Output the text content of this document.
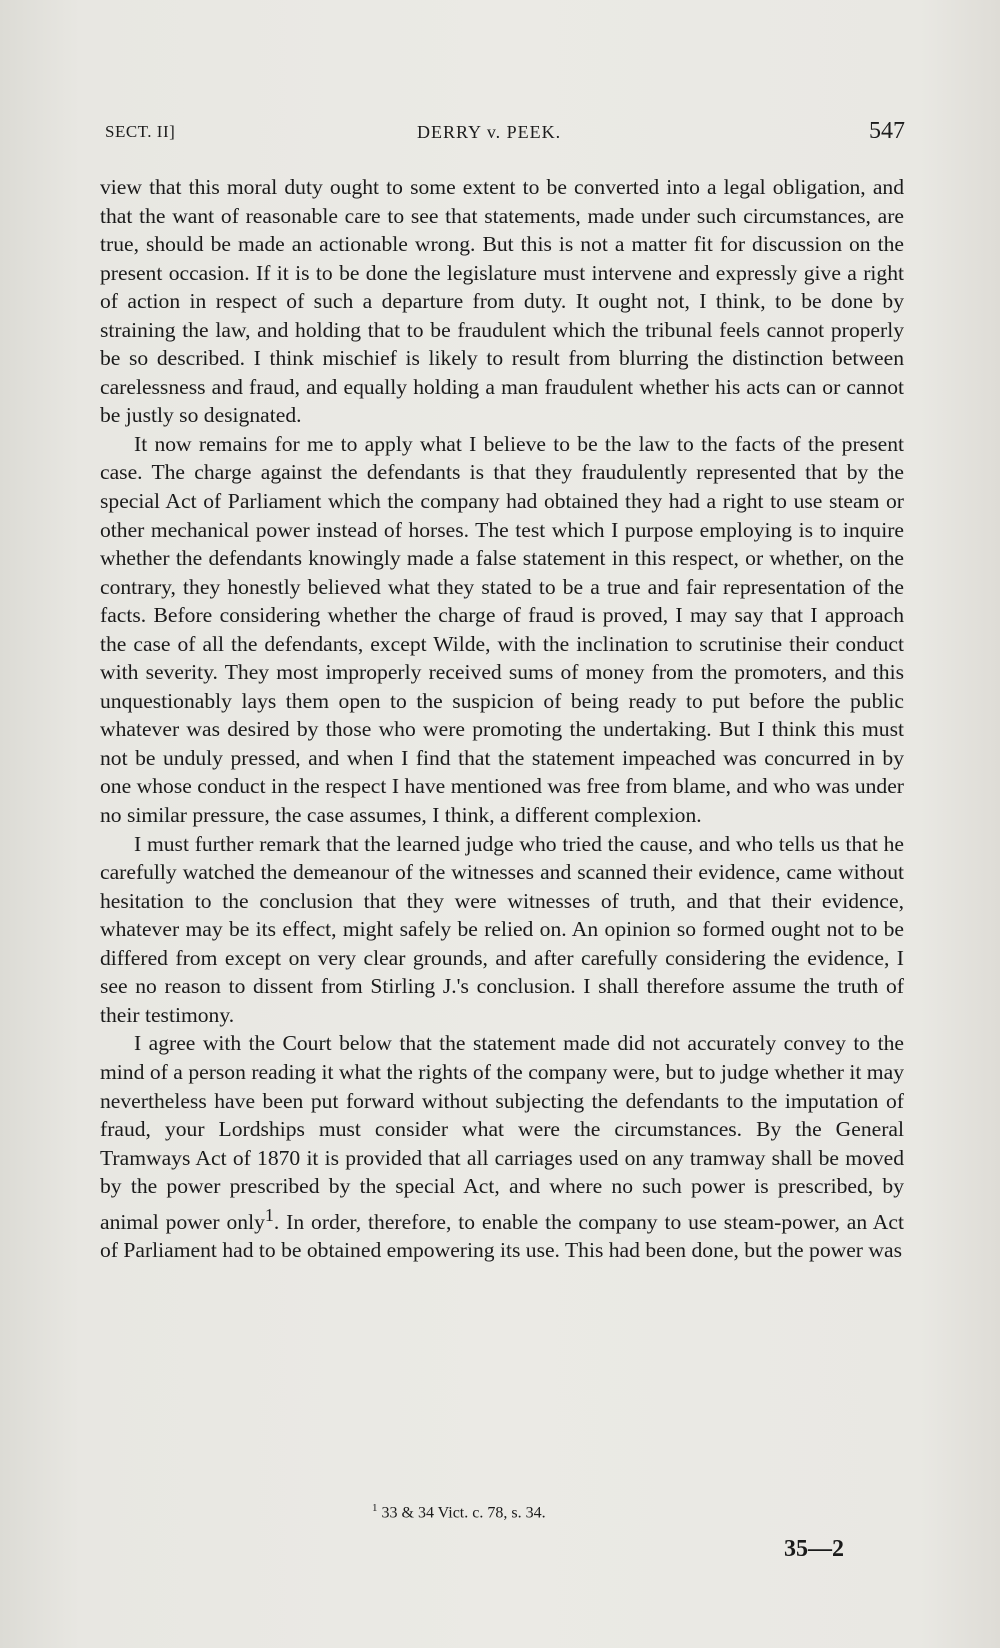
SECT. II]	DERRY v. PEEK.	547

view that this moral duty ought to some extent to be converted into a legal obligation, and that the want of reasonable care to see that statements, made under such circumstances, are true, should be made an actionable wrong. But this is not a matter fit for discussion on the present occasion. If it is to be done the legislature must intervene and expressly give a right of action in respect of such a departure from duty. It ought not, I think, to be done by straining the law, and holding that to be fraudulent which the tribunal feels cannot properly be so described. I think mischief is likely to result from blurring the distinction between carelessness and fraud, and equally holding a man fraudulent whether his acts can or cannot be justly so designated.

It now remains for me to apply what I believe to be the law to the facts of the present case. The charge against the defendants is that they fraudulently represented that by the special Act of Parliament which the company had obtained they had a right to use steam or other mechanical power instead of horses. The test which I purpose employing is to inquire whether the defendants knowingly made a false statement in this respect, or whether, on the contrary, they honestly believed what they stated to be a true and fair representation of the facts. Before considering whether the charge of fraud is proved, I may say that I approach the case of all the defendants, except Wilde, with the inclination to scrutinise their conduct with severity. They most improperly received sums of money from the promoters, and this unquestionably lays them open to the suspicion of being ready to put before the public whatever was desired by those who were promoting the undertaking. But I think this must not be unduly pressed, and when I find that the statement impeached was concurred in by one whose conduct in the respect I have mentioned was free from blame, and who was under no similar pressure, the case assumes, I think, a different complexion.

I must further remark that the learned judge who tried the cause, and who tells us that he carefully watched the demeanour of the witnesses and scanned their evidence, came without hesitation to the conclusion that they were witnesses of truth, and that their evidence, whatever may be its effect, might safely be relied on. An opinion so formed ought not to be differed from except on very clear grounds, and after carefully considering the evidence, I see no reason to dissent from Stirling J.'s conclusion. I shall therefore assume the truth of their testimony.

I agree with the Court below that the statement made did not accurately convey to the mind of a person reading it what the rights of the company were, but to judge whether it may nevertheless have been put forward without subjecting the defendants to the imputation of fraud, your Lordships must consider what were the circumstances. By the General Tramways Act of 1870 it is provided that all carriages used on any tramway shall be moved by the power prescribed by the special Act, and where no such power is prescribed, by animal power only$^1$. In order, therefore, to enable the company to use steam-power, an Act of Parliament had to be obtained empowering its use. This had been done, but the power was

$^1$ 33 & 34 Vict. c. 78, s. 34.
35—2
